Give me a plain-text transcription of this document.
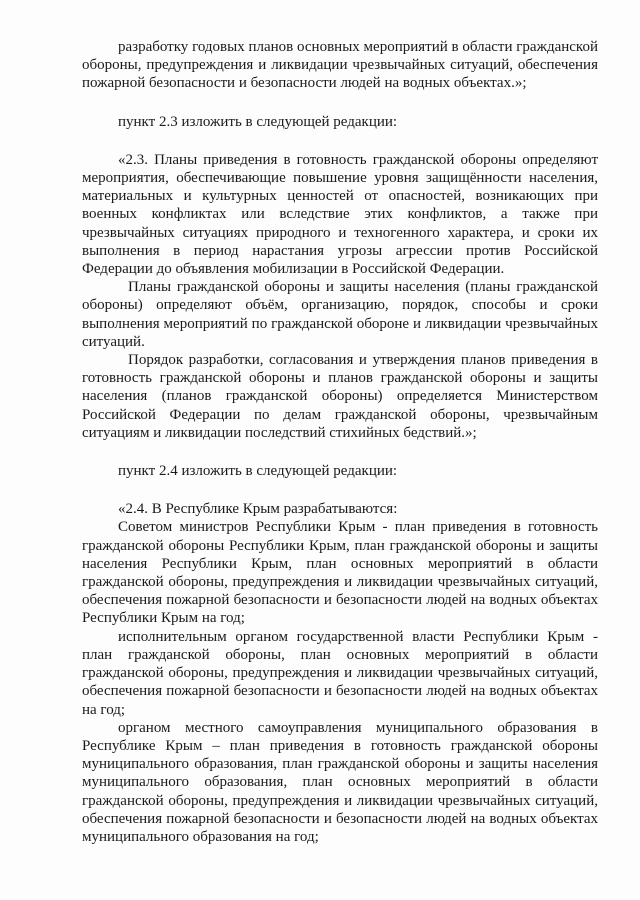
разработку годовых планов основных мероприятий в области гражданской обороны, предупреждения и ликвидации чрезвычайных ситуаций, обеспечения пожарной безопасности и безопасности людей на водных объектах.»;

пункт 2.3 изложить в следующей редакции:

«2.3. Планы приведения в готовность гражданской обороны определяют мероприятия, обеспечивающие повышение уровня защищённости населения, материальных и культурных ценностей от опасностей, возникающих при военных конфликтах или вследствие этих конфликтов, а также при чрезвычайных ситуациях природного и техногенного характера, и сроки их выполнения в период нарастания угрозы агрессии против Российской Федерации до объявления мобилизации в Российской Федерации.

Планы гражданской обороны и защиты населения (планы гражданской обороны) определяют объём, организацию, порядок, способы и сроки выполнения мероприятий по гражданской обороне и ликвидации чрезвычайных ситуаций.

Порядок разработки, согласования и утверждения планов приведения в готовность гражданской обороны и планов гражданской обороны и защиты населения (планов гражданской обороны) определяется Министерством Российской Федерации по делам гражданской обороны, чрезвычайным ситуациям и ликвидации последствий стихийных бедствий.»;

пункт 2.4 изложить в следующей редакции:

«2.4. В Республике Крым разрабатываются:

Советом министров Республики Крым - план приведения в готовность гражданской обороны Республики Крым, план гражданской обороны и защиты населения Республики Крым, план основных мероприятий в области гражданской обороны, предупреждения и ликвидации чрезвычайных ситуаций, обеспечения пожарной безопасности и безопасности людей на водных объектах Республики Крым на год;

исполнительным органом государственной власти Республики Крым - план гражданской обороны, план основных мероприятий в области гражданской обороны, предупреждения и ликвидации чрезвычайных ситуаций, обеспечения пожарной безопасности и безопасности людей на водных объектах на год;

органом местного самоуправления муниципального образования в Республике Крым – план приведения в готовность гражданской обороны муниципального образования, план гражданской обороны и защиты населения муниципального образования, план основных мероприятий в области гражданской обороны, предупреждения и ликвидации чрезвычайных ситуаций, обеспечения пожарной безопасности и безопасности людей на водных объектах муниципального образования на год;
